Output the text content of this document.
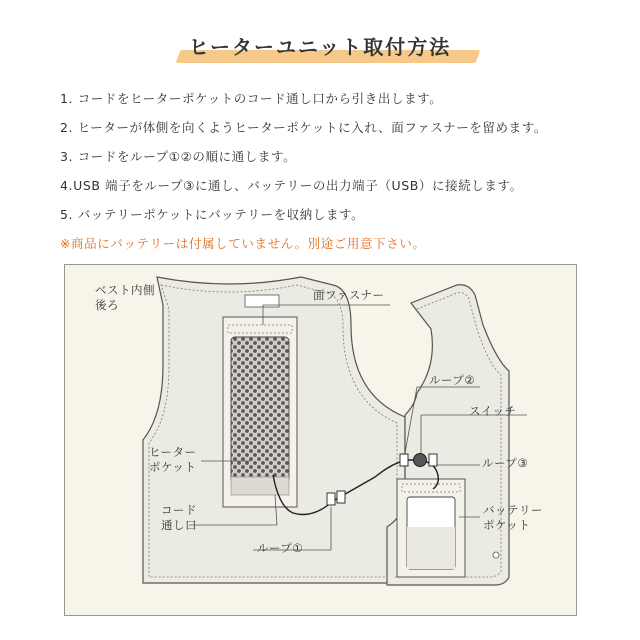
ヒーターユニット取付方法
1. コードをヒーターポケットのコード通し口から引き出します。
2. ヒーターが体側を向くようヒーターポケットに入れ、面ファスナーを留めます。
3. コードをループ①②の順に通します。
4.USB 端子をループ③に通し、バッテリーの出力端子（USB）に接続します。
5. バッテリーポケットにバッテリーを収納します。
※商品にバッテリーは付属していません。別途ご用意下さい。
ベスト内側
後ろ
面ファスナー
ループ②
スイッチ
ループ③
ヒーター
ポケット
バッテリー
ポケット
コード
通し口
ループ①
